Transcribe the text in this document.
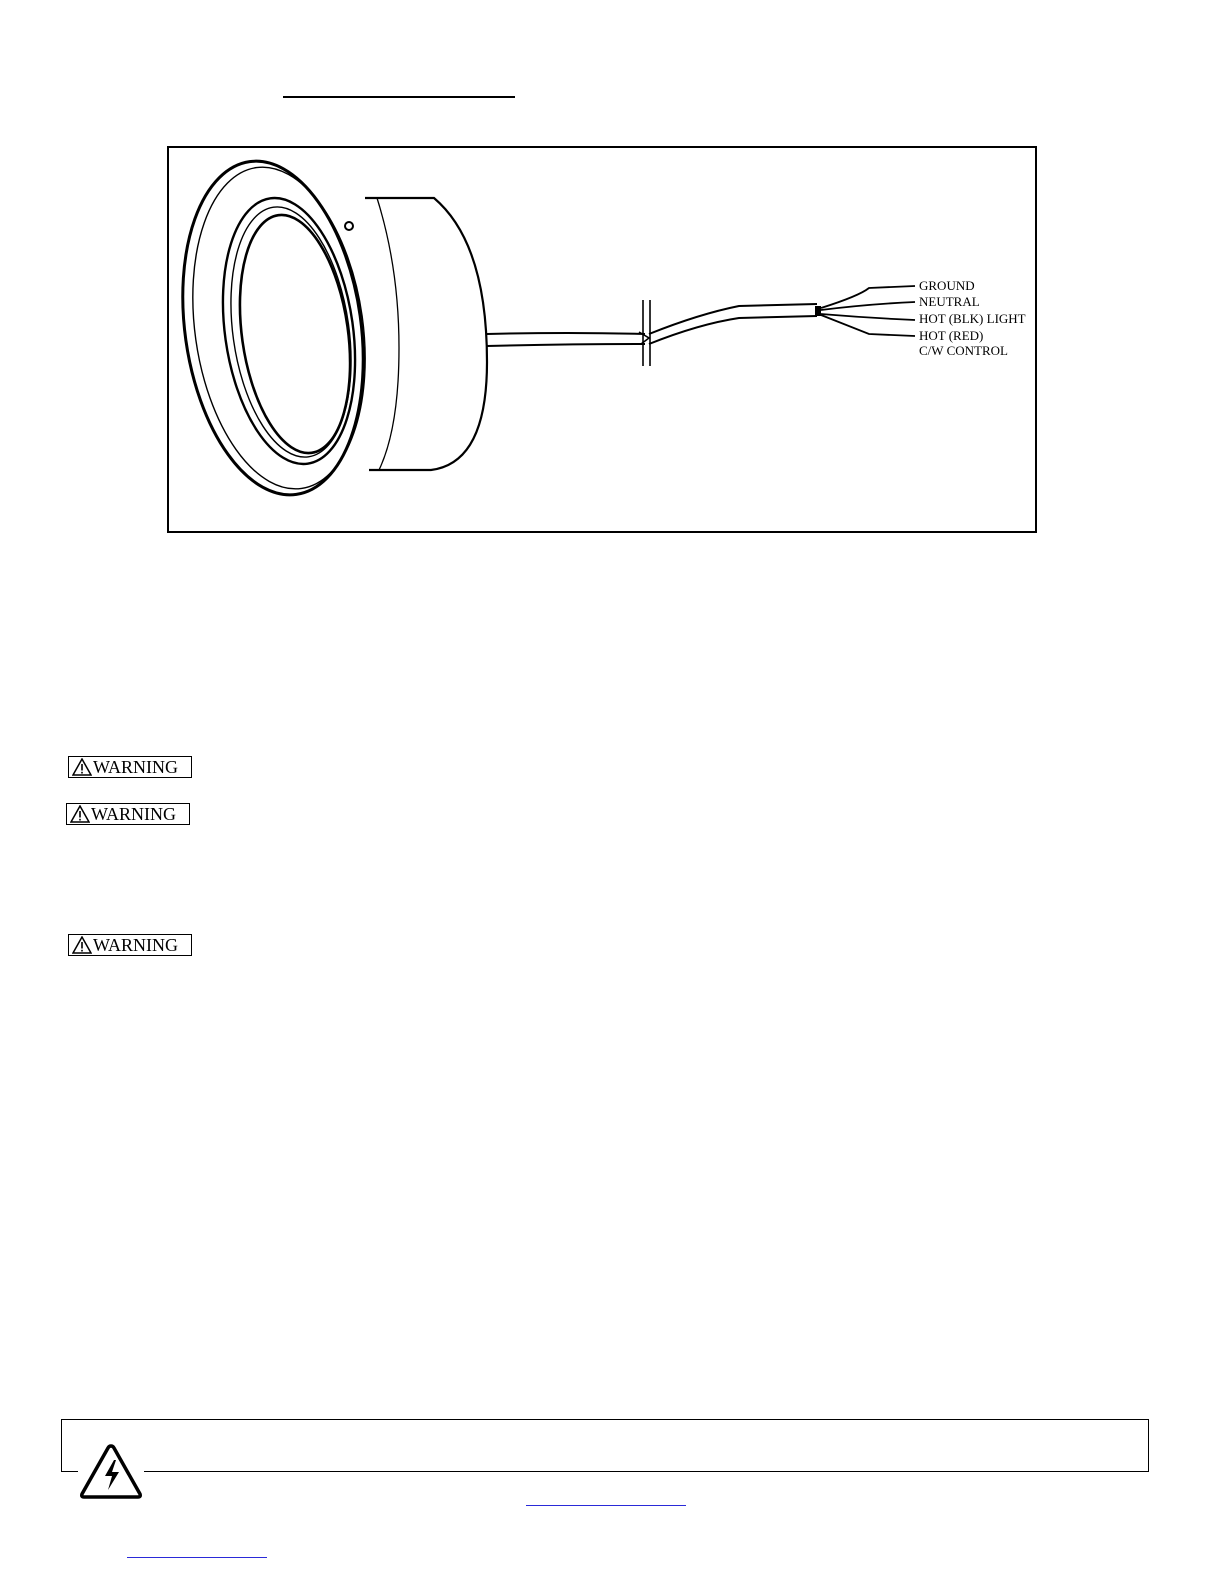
GROUND
NEUTRAL
HOT (BLK) LIGHT
HOT (RED)
C/W CONTROL
WARNING
WARNING
WARNING
